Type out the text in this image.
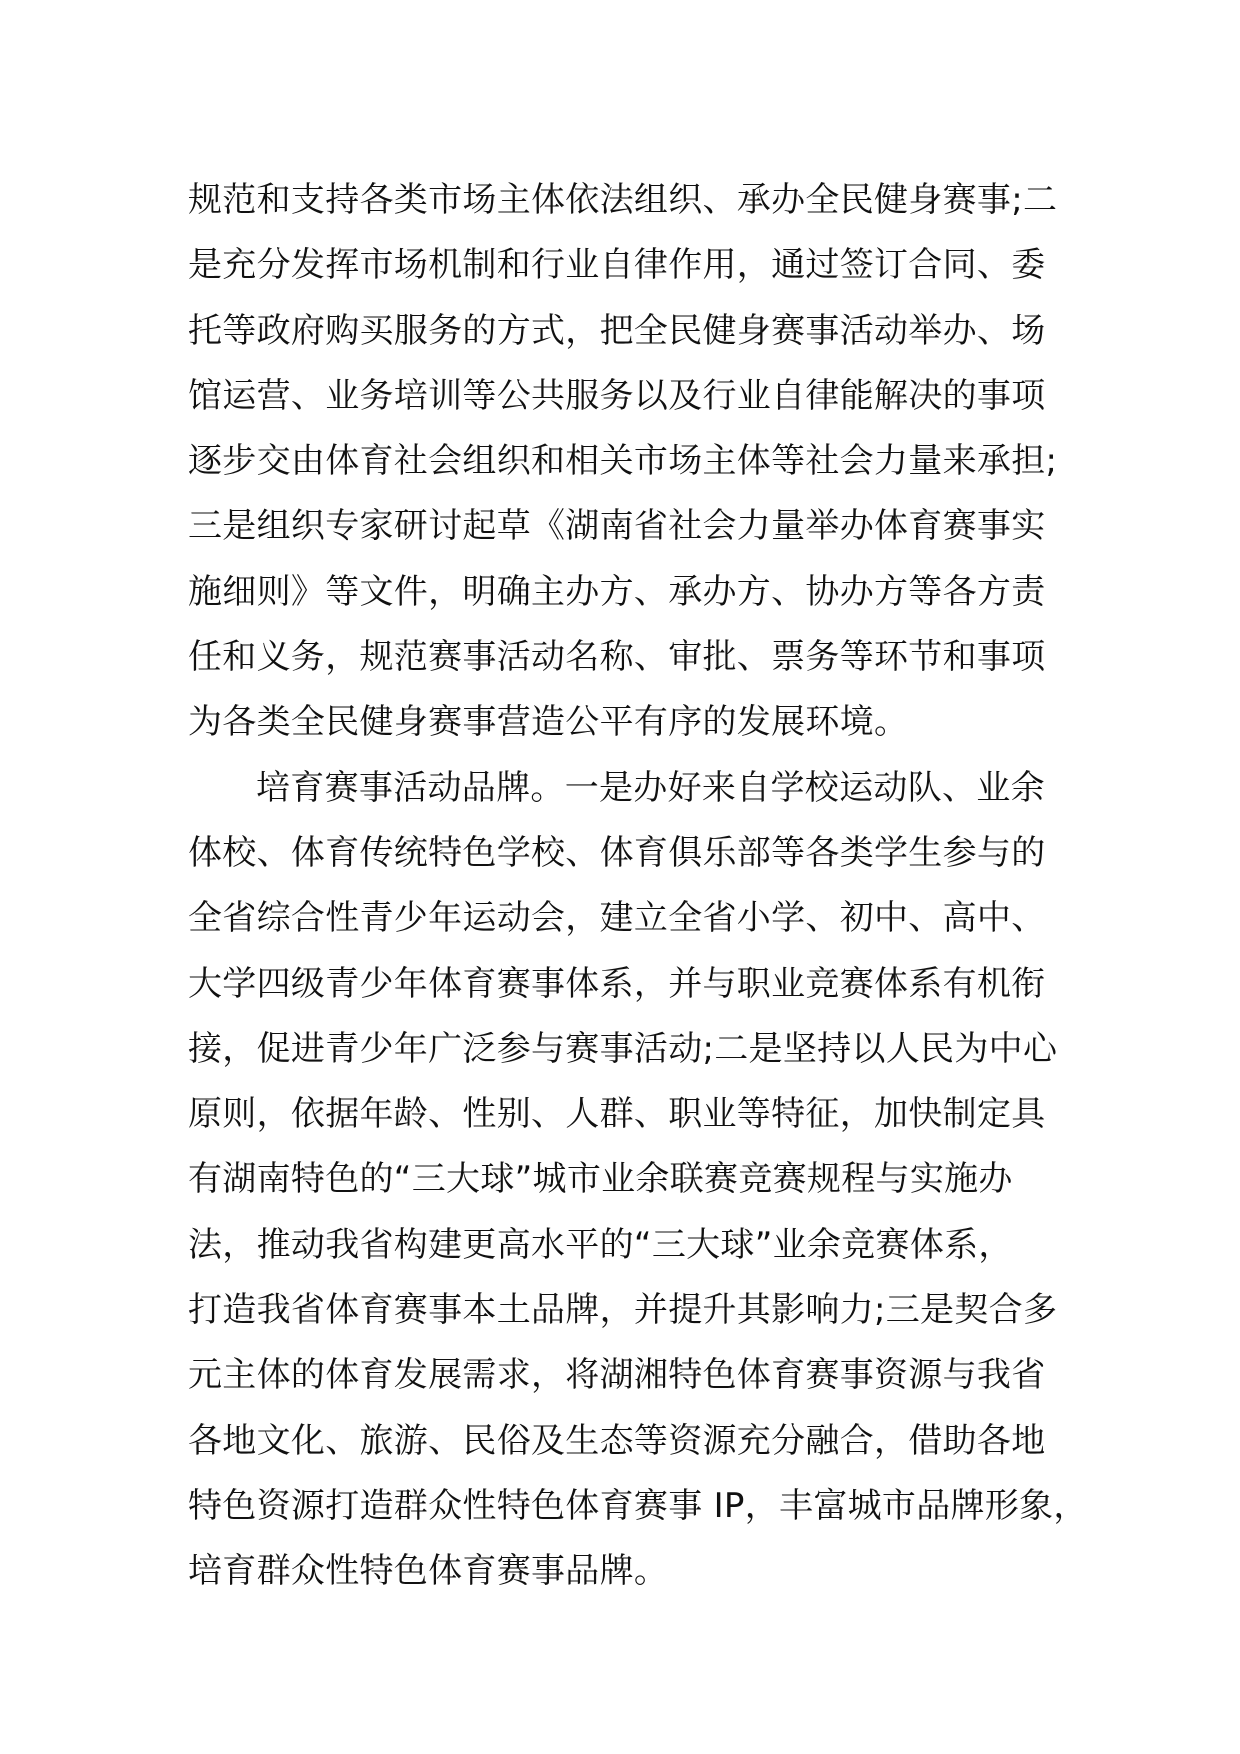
规范和支持各类市场主体依法组织、承办全民健身赛事;二
是充分发挥市场机制和行业自律作用，通过签订合同、委
托等政府购买服务的方式，把全民健身赛事活动举办、场
馆运营、业务培训等公共服务以及行业自律能解决的事项
逐步交由体育社会组织和相关市场主体等社会力量来承担;
三是组织专家研讨起草《湖南省社会力量举办体育赛事实
施细则》等文件，明确主办方、承办方、协办方等各方责
任和义务，规范赛事活动名称、审批、票务等环节和事项
为各类全民健身赛事营造公平有序的发展环境。
培育赛事活动品牌。一是办好来自学校运动队、业余
体校、体育传统特色学校、体育俱乐部等各类学生参与的
全省综合性青少年运动会，建立全省小学、初中、高中、
大学四级青少年体育赛事体系，并与职业竞赛体系有机衔
接，促进青少年广泛参与赛事活动;二是坚持以人民为中心
原则，依据年龄、性别、人群、职业等特征，加快制定具
有湖南特色的“三大球”城市业余联赛竞赛规程与实施办
法，推动我省构建更高水平的“三大球”业余竞赛体系，
打造我省体育赛事本土品牌，并提升其影响力;三是契合多
元主体的体育发展需求，将湖湘特色体育赛事资源与我省
各地文化、旅游、民俗及生态等资源充分融合，借助各地
特色资源打造群众性特色体育赛事 IP，丰富城市品牌形象，
培育群众性特色体育赛事品牌。
